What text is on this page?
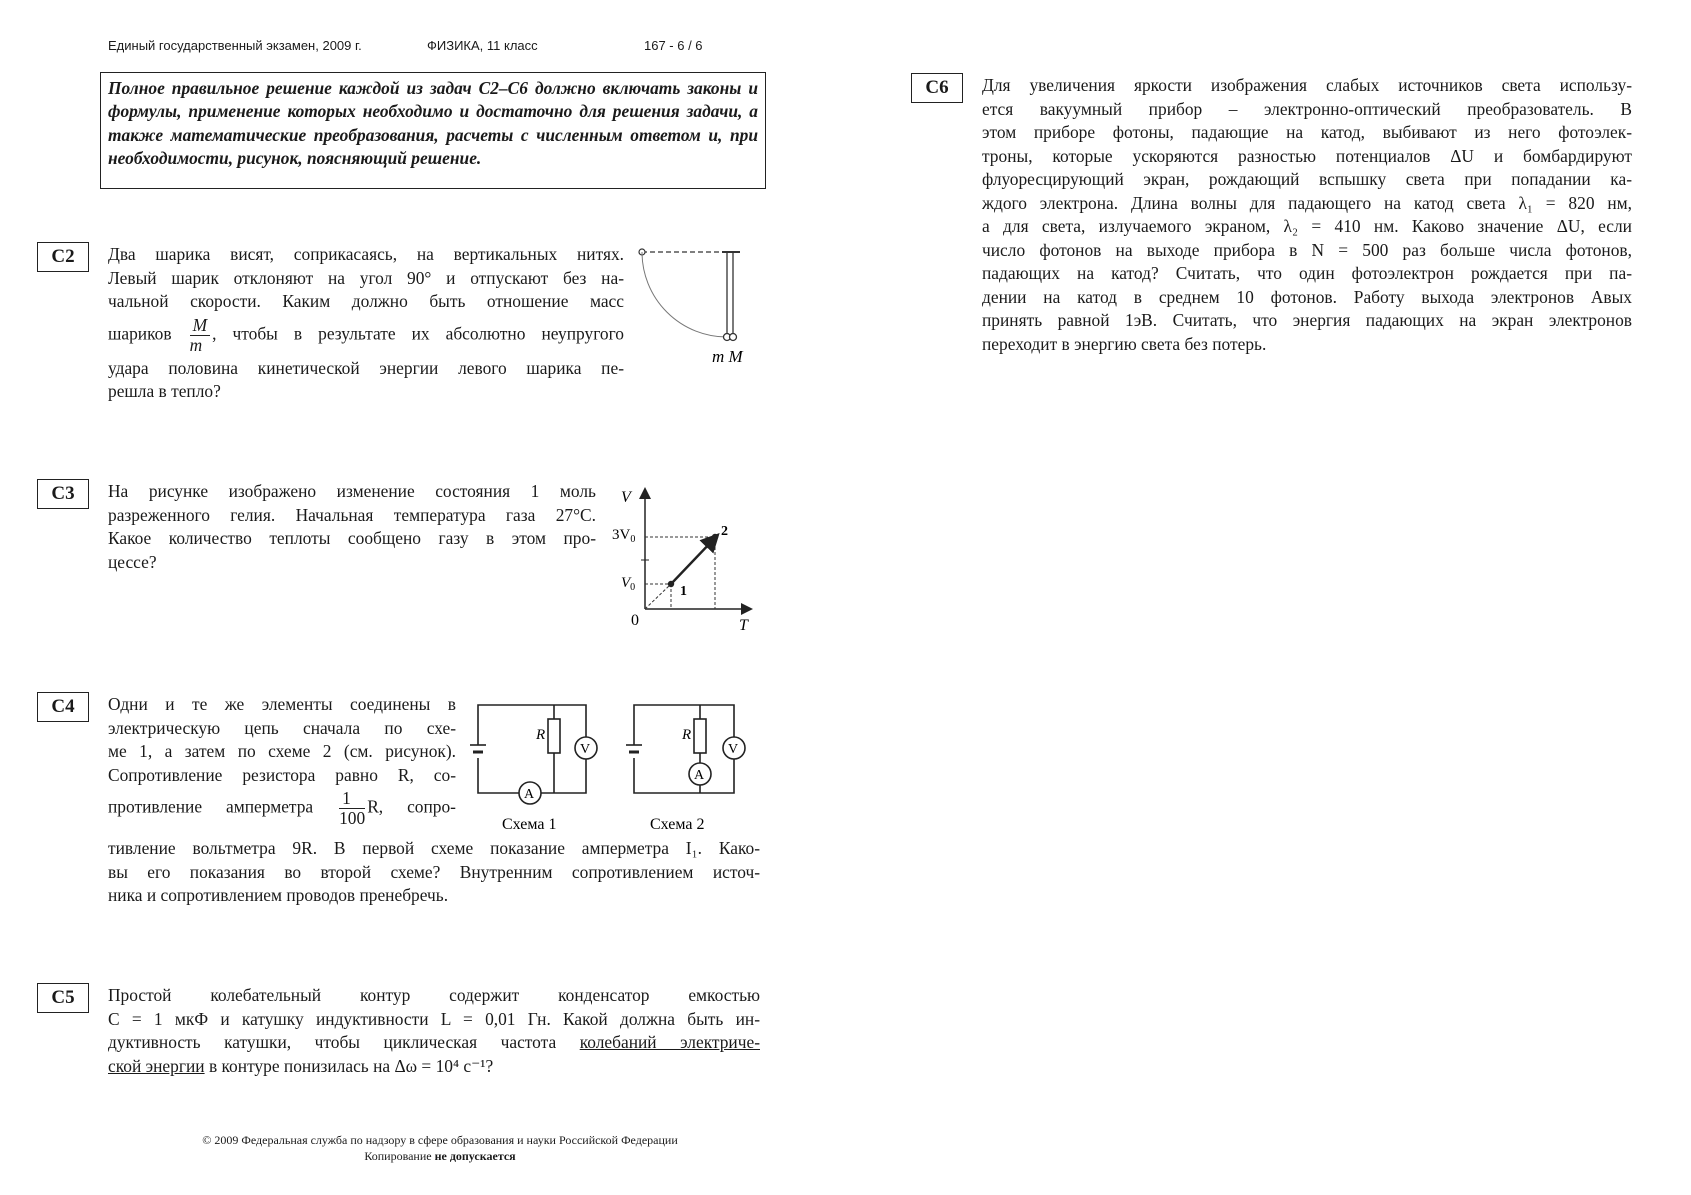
Единый государственный экзамен, 2009 г.	ФИЗИКА, 11 класс	167 - 6 / 6
Полное правильное решение каждой из задач С2–С6 должно включать законы и формулы, применение которых необходимо и достаточно для решения задачи, а также математические преобразования, расчеты с численным ответом и, при необходимости, рисунок, поясняющий решение.
С2	Два шарика висят, соприкасаясь, на вертикальных нитях.
Левый шарик отклоняют на угол 90° и отпускают без на-
чальной скорости. Каким должно быть отношение масс
шариков $\frac{M}{m}$ , чтобы в результате их абсолютно неупругого
удара половина кинетической энергии левого шарика пе-
решла в тепло?
m M
С3	На рисунке изображено изменение состояния 1 моль
разреженного гелия. Начальная температура газа 27°С.
Какое количество теплоты сообщено газу в этом про-
цессе?
V
T
0
$3V_0$
$V_0$	1
2
С4	Одни и те же элементы соединены в
электрическую цепь сначала по схе-
ме 1, а затем по схеме 2 (см. рисунок).
Сопротивление резистора равно R, со-
противление амперметра $\frac{1}{100} R$, сопро-
тивление вольтметра 9R. В первой схеме показание амперметра I₁. Како-
вы его показания во второй схеме? Внутренним сопротивлением источ-
ника и сопротивлением проводов пренебречь.
R
V
A
Схема 1
R
V
A
Схема 2
С5	Простой колебательный контур содержит конденсатор емкостью
С = 1 мкФ и катушку индуктивности L = 0,01 Гн. Какой должна быть ин-
дуктивность катушки, чтобы циклическая частота колебаний электриче-
ской энергии в контуре понизилась на Δω = 10⁴ с⁻¹?
С6	Для увеличения яркости изображения слабых источников света использу-
ется вакуумный прибор – электронно-оптический преобразователь. В
этом приборе фотоны, падающие на катод, выбивают из него фотоэлек-
троны, которые ускоряются разностью потенциалов ΔU и бомбардируют
флуоресцирующий экран, рождающий вспышку света при попадании ка-
ждого электрона. Длина волны для падающего на катод света λ₁ = 820 нм,
а для света, излучаемого экраном, λ₂ = 410 нм. Каково значение ΔU, если
число фотонов на выходе прибора в N = 500 раз больше числа фотонов,
падающих на катод? Считать, что один фотоэлектрон рождается при па-
дении на катод в среднем 10 фотонов. Работу выхода электронов Aвых
принять равной 1эВ. Считать, что энергия падающих на экран электронов
переходит в энергию света без потерь.
© 2009 Федеральная служба по надзору в сфере образования и науки Российской Федерации
Копирование не допускается
